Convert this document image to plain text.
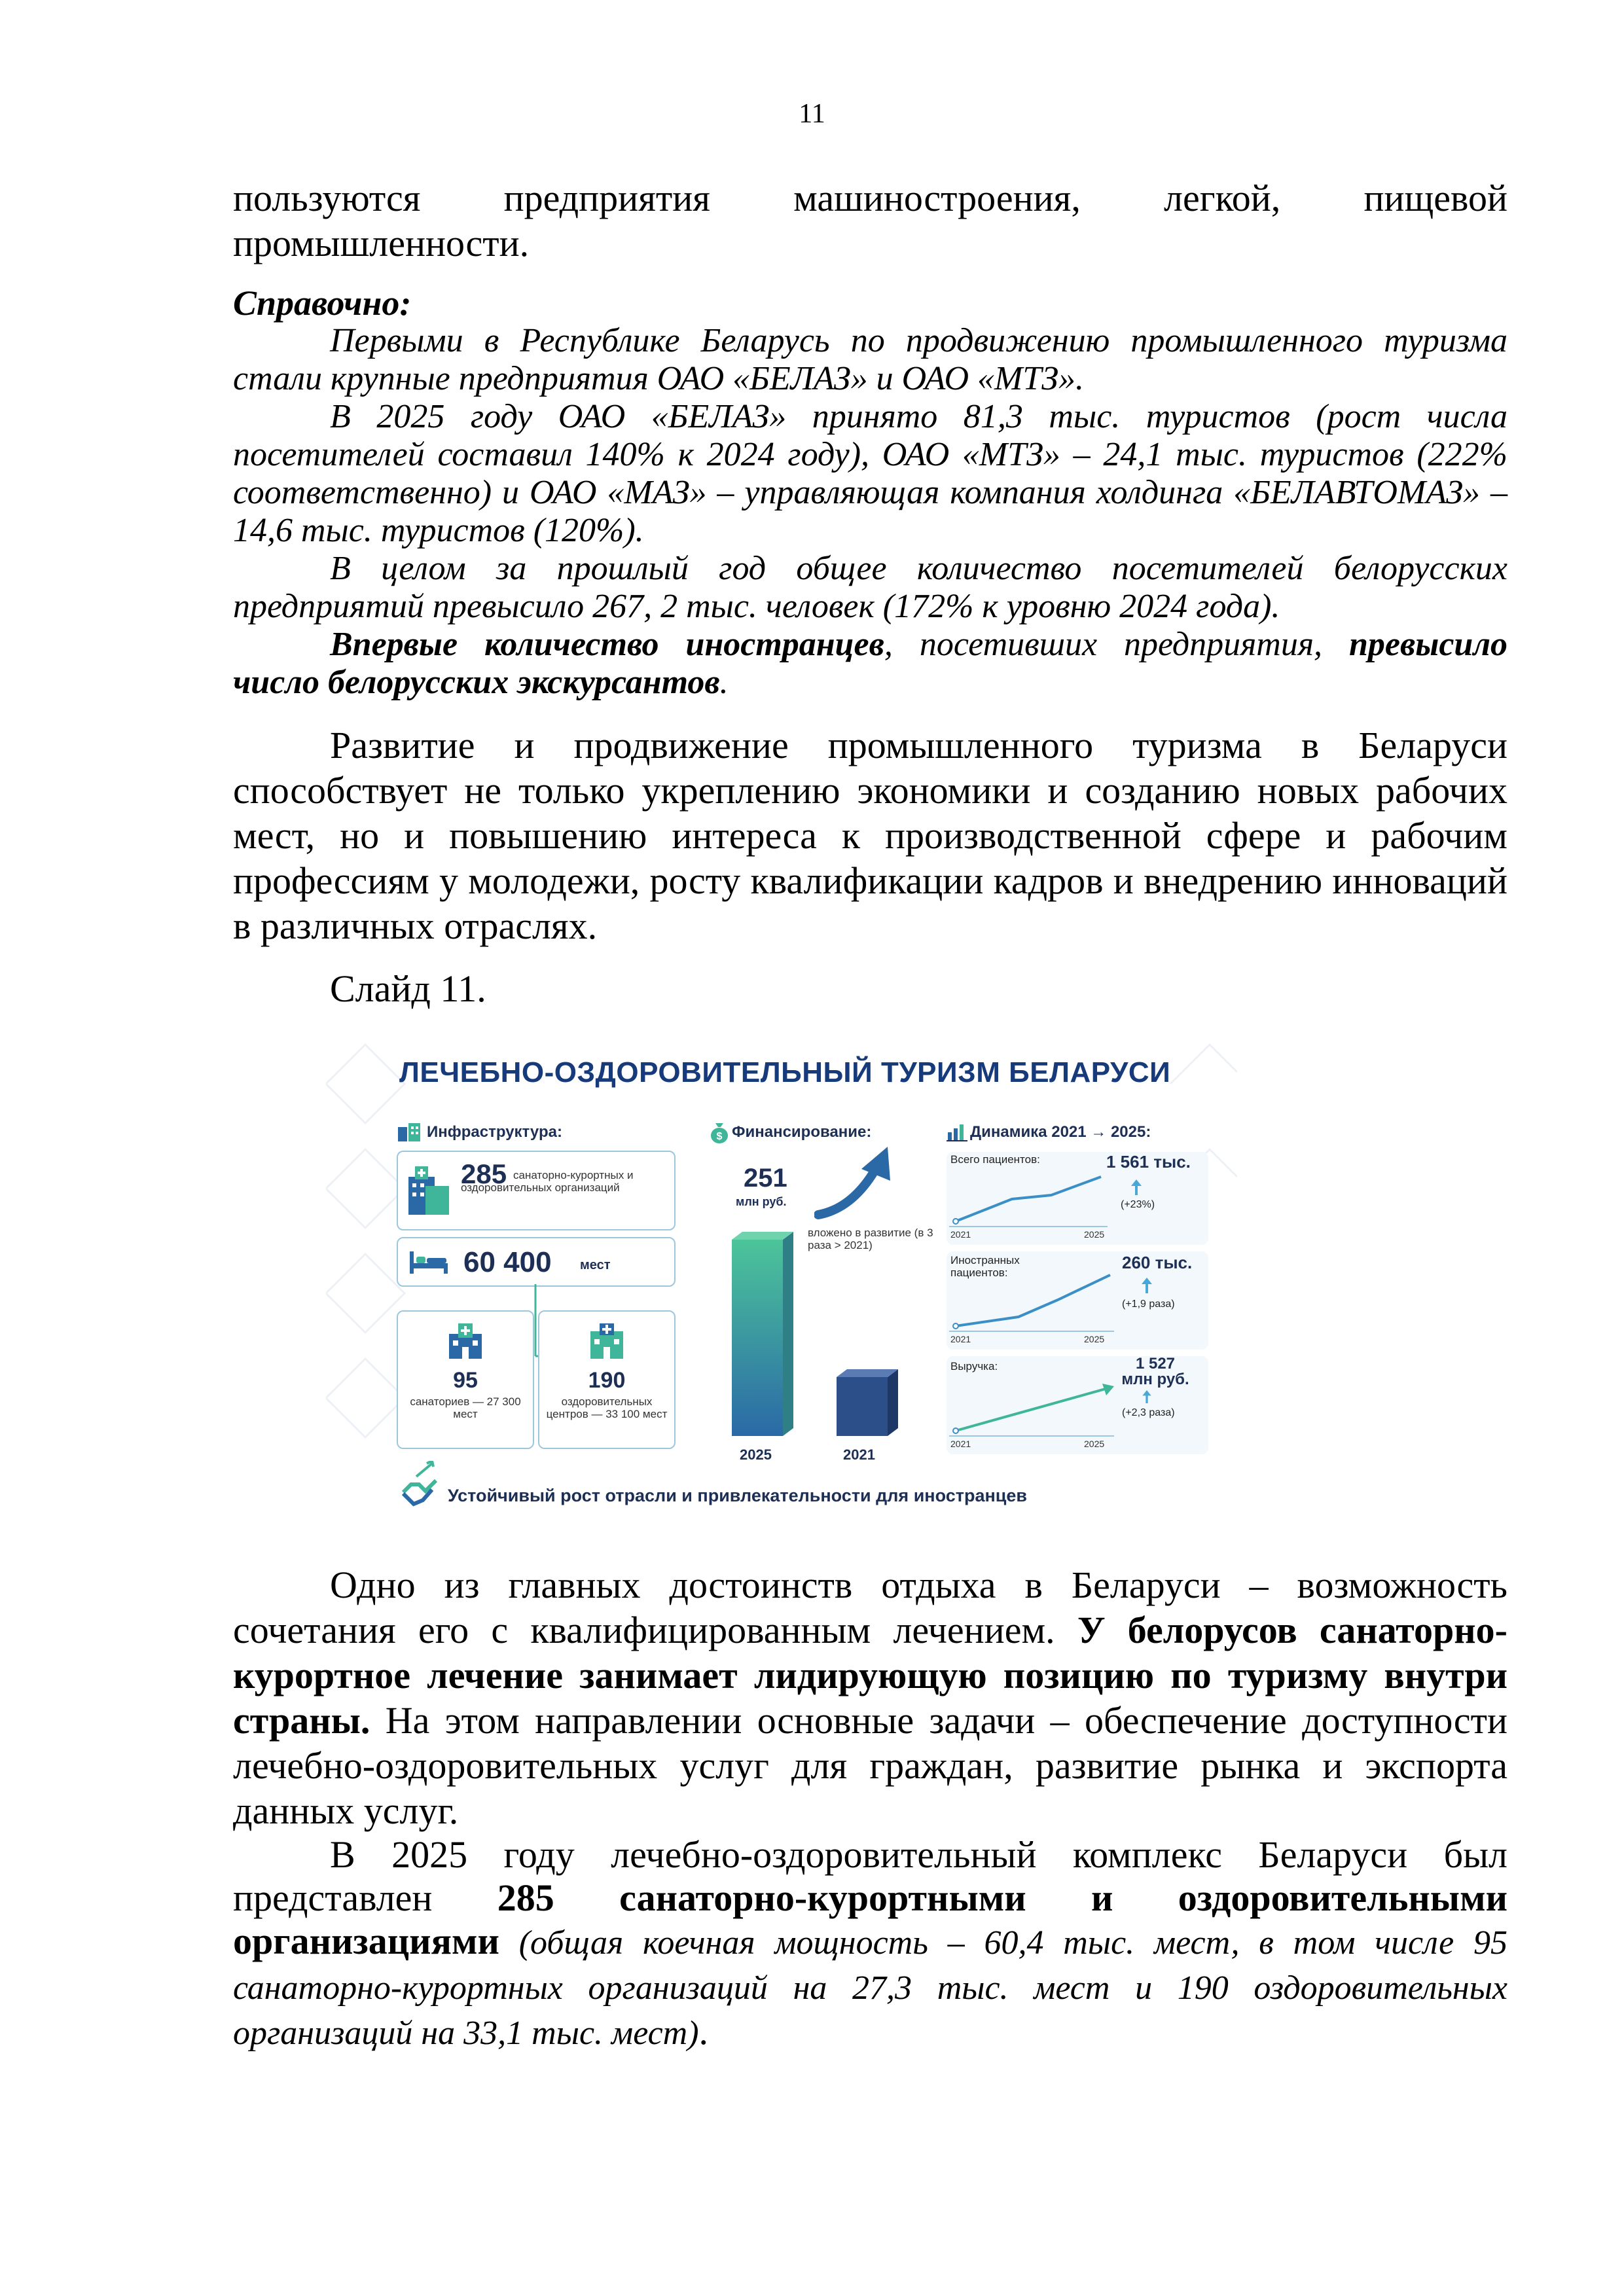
11

пользуются предприятия машиностроения, легкой, пищевой промышленности.

Справочно:

Первыми в Республике Беларусь по продвижению промышленного туризма стали крупные предприятия ОАО «БЕЛАЗ» и ОАО «МТЗ».

В 2025 году ОАО «БЕЛАЗ» принято 81,3 тыс. туристов (рост числа посетителей составил 140% к 2024 году), ОАО «МТЗ» – 24,1 тыс. туристов (222% соответственно) и ОАО «МАЗ» – управляющая компания холдинга «БЕЛАВТОМАЗ» – 14,6 тыс. туристов (120%).

В целом за прошлый год общее количество посетителей белорусских предприятий превысило 267, 2 тыс. человек (172% к уровню 2024 года).

Впервые количество иностранцев, посетивших предприятия, превысило число белорусских экскурсантов.

Развитие и продвижение промышленного туризма в Беларуси способствует не только укреплению экономики и созданию новых рабочих мест, но и повышению интереса к производственной сфере и рабочим профессиям у молодежи, росту квалификации кадров и внедрению инноваций в различных отраслях.

Слайд 11.

ЛЕЧЕБНО-ОЗДОРОВИТЕЛЬНЫЙ ТУРИЗМ БЕЛАРУСИ
Инфраструктура:
285 санаторно-курортных и оздоровительных организаций
60 400 мест
95
санаториев — 27 300 мест
190
оздоровительных центров — 33 100 мест
$ Финансирование:
251
млн руб.
вложено в развитие (в 3 раза > 2021)
2025	2021
Динамика 2021 → 2025:
Всего пациентов:	1 561 тыс.
(+23%)
2021	2025
Иностранных пациентов:
260 тыс.
(+1,9 раза)
2021	2025
Выручка:	1 527 млн руб.
(+2,3 раза)
2021	2025
Устойчивый рост отрасли и привлекательности для иностранцев

Одно из главных достоинств отдыха в Беларуси – возможность сочетания его с квалифицированным лечением. У белорусов санаторно-курортное лечение занимает лидирующую позицию по туризму внутри страны. На этом направлении основные задачи – обеспечение доступности лечебно-оздоровительных услуг для граждан, развитие рынка и экспорта данных услуг.

В 2025 году лечебно-оздоровительный комплекс Беларуси был представлен 285 санаторно-курортными и оздоровительными организациями (общая коечная мощность – 60,4 тыс. мест, в том числе 95 санаторно-курортных организаций на 27,3 тыс. мест и 190 оздоровительных организаций на 33,1 тыс. мест).
